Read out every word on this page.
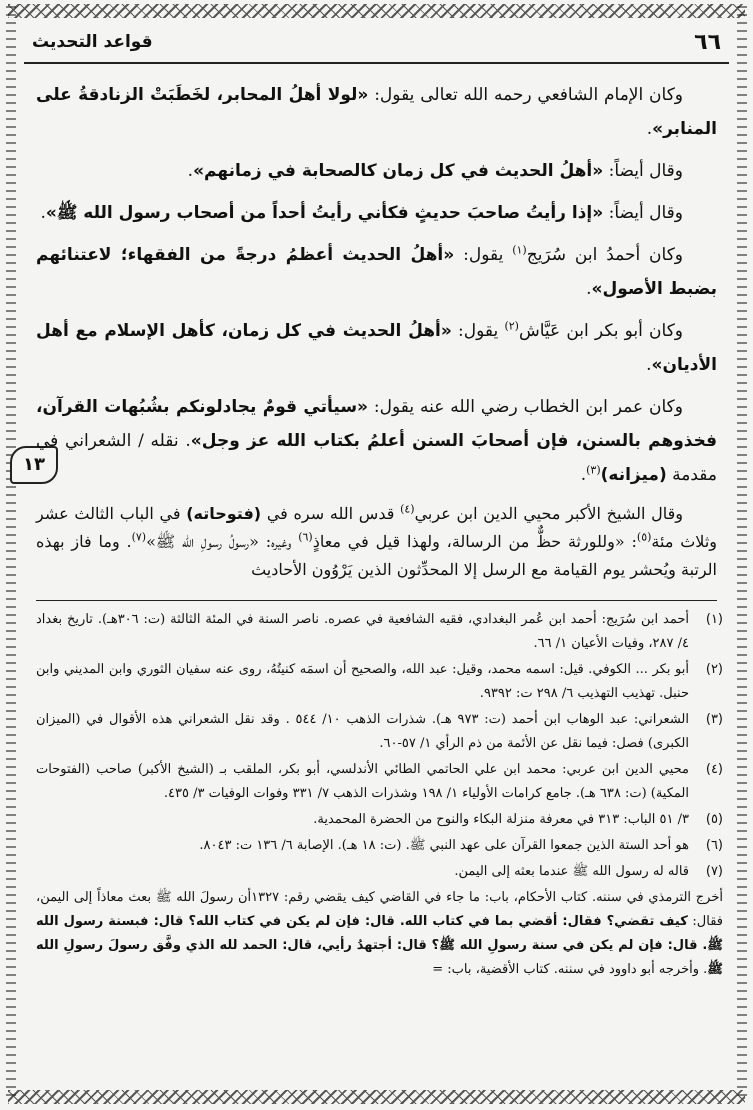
٦٦
قواعد التحديث
١٣

وكان الإمام الشافعي رحمه الله تعالى يقول: «لولا أهلُ المحابر، لخَطَبَتْ الزنادقةُ على المنابر».

وقال أيضاً: «أهلُ الحديث في كل زمان كالصحابة في زمانهم».

وقال أيضاً: «إذا رأيتُ صاحبَ حديثٍ فكأني رأيتُ أحداً من أصحاب رسول الله ﷺ».

وكان أحمدُ ابن سُرَيج$^{(١)}$ يقول: «أهلُ الحديث أعظمُ درجةً من الفقهاء؛ لاعتنائهم بضبط الأصول».

وكان أبو بكر ابن عَيَّاش$^{(٢)}$ يقول: «أهلُ الحديث في كل زمان، كأهل الإسلام مع أهل الأديان».

وكان عمر ابن الخطاب رضي الله عنه يقول: «سيأتي قومٌ يجادلونكم بشُبُهات القرآن، فخذوهم بالسنن، فإن أصحابَ السنن أعلمُ بكتاب الله عز وجل». نقله / الشعراني في مقدمة (ميزانه)$^{(٣)}$.

وقال الشيخ الأكبر محيي الدين ابن عربي$^{(٤)}$ قدس الله سره في (فتوحاته) في الباب الثالث عشر وثلاث مئة$^{(٥)}$: «وللورثة حظٌّ من الرسالة، ولهذا قيل في معاذٍ$^{(٦)}$ وغيره: «رسولُ رسولِ الله ﷺ»$^{(٧)}$. وما فاز بهذه الرتبة ويُحشر يوم القيامة مع الرسل إلا المحدِّثون الذين يَرْوُون الأحاديث

(١)
أحمد ابن سُرَيج: أحمد ابن عُمر البغدادي، فقيه الشافعية في عصره. ناصر السنة في المئة الثالثة (ت: ٣٠٦هـ). تاريخ بغداد ٤/ ٢٨٧، وفيات الأعيان ١/ ٦٦.
(٢)
أبو بكر ... الكوفي. قيل: اسمه محمد، وقيل: عبد الله، والصحيح أن اسمَه كنيتُهُ، روى عنه سفيان الثوري وابن المديني وابن حنبل. تهذيب التهذيب ٦/ ٢٩٨ ت: ٩٣٩٢.
(٣)
الشعراني: عبد الوهاب ابن أحمد (ت: ٩٧٣ هـ). شذرات الذهب ١٠/ ٥٤٤ . وقد نقل الشعراني هذه الأقوال في (الميزان الكبرى) فصل: فيما نقل عن الأئمة من ذم الرأي ١/ ٥٧-٦٠.
(٤)
محيي الدين ابن عربي: محمد ابن علي الحاتمي الطائي الأندلسي، أبو بكر، الملقب بـ (الشيخ الأكبر) صاحب (الفتوحات المكية) (ت: ٦٣٨ هـ). جامع كرامات الأولياء ١/ ١٩٨ وشذرات الذهب ٧/ ٣٣١ وفوات الوفيات ٣/ ٤٣٥.
(٥)
٣/ ٥١ الباب: ٣١٣ في معرفة منزلة البكاء والنوح من الحضرة المحمدية.
(٦)
هو أحد الستة الذين جمعوا القرآن على عهد النبي ﷺ. (ت: ١٨ هـ). الإصابة ٦/ ١٣٦ ت: ٨٠٤٣.
(٧)
قاله له رسول الله ﷺ عندما بعثه إلى اليمن.
أخرج الترمذي في سننه. كتاب الأحكام، باب: ما جاء في القاضي كيف يقضي رقم: ١٣٢٧أن رسولَ الله ﷺ بعث معاذاً إلى اليمن، فقال: كيف تقضي؟ فقال: أقضي بما في كتاب الله. قال: فإن لم يكن في كتاب الله؟ قال: فبسنة رسول الله ﷺ. قال: فإن لم يكن في سنة رسولِ الله ﷺ؟ قال: أجتهدُ رأيي، قال: الحمد لله الذي وفَّق رسولَ رسولِ الله ﷺ. وأخرجه أبو داوود في سننه. كتاب الأقضية، باب: =
